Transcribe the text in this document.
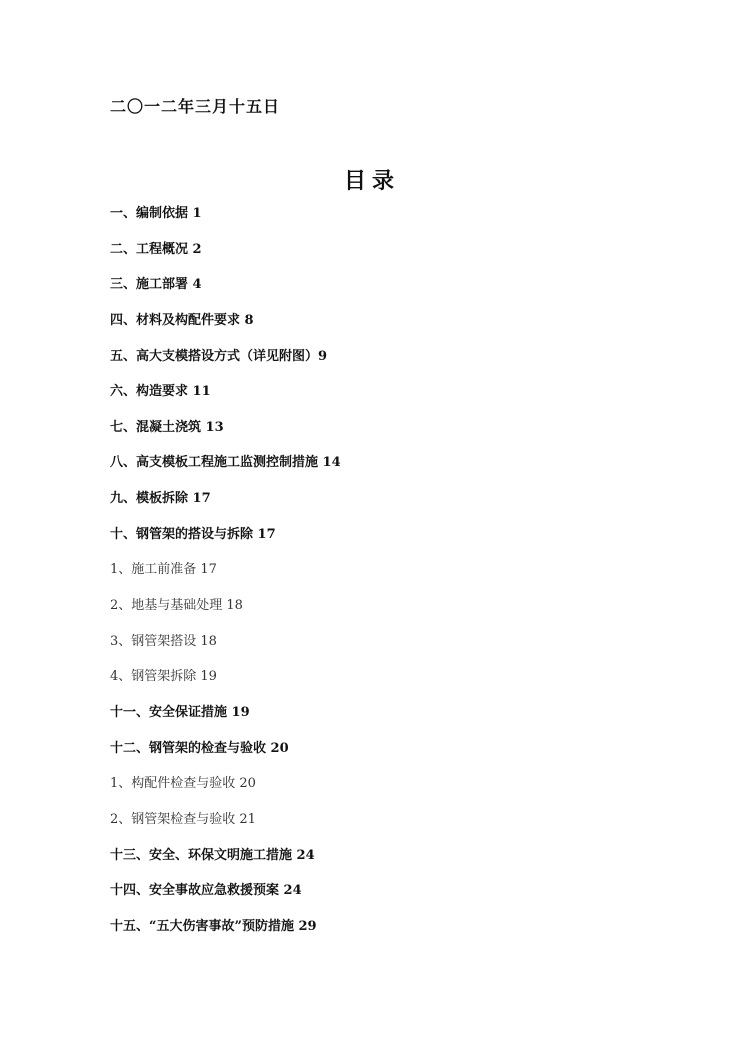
二〇一二年三月十五日
目录
一、编制依据 1
二、工程概况 2
三、施工部署 4
四、材料及构配件要求 8
五、高大支模搭设方式（详见附图）9
六、构造要求 11
七、混凝土浇筑 13
八、高支模板工程施工监测控制措施 14
九、模板拆除 17
十、钢管架的搭设与拆除 17
1、施工前准备 17
2、地基与基础处理 18
3、钢管架搭设 18
4、钢管架拆除 19
十一、安全保证措施 19
十二、钢管架的检查与验收 20
1、构配件检查与验收 20
2、钢管架检查与验收 21
十三、安全、环保文明施工措施 24
十四、安全事故应急救援预案 24
十五、“五大伤害事故”预防措施 29
